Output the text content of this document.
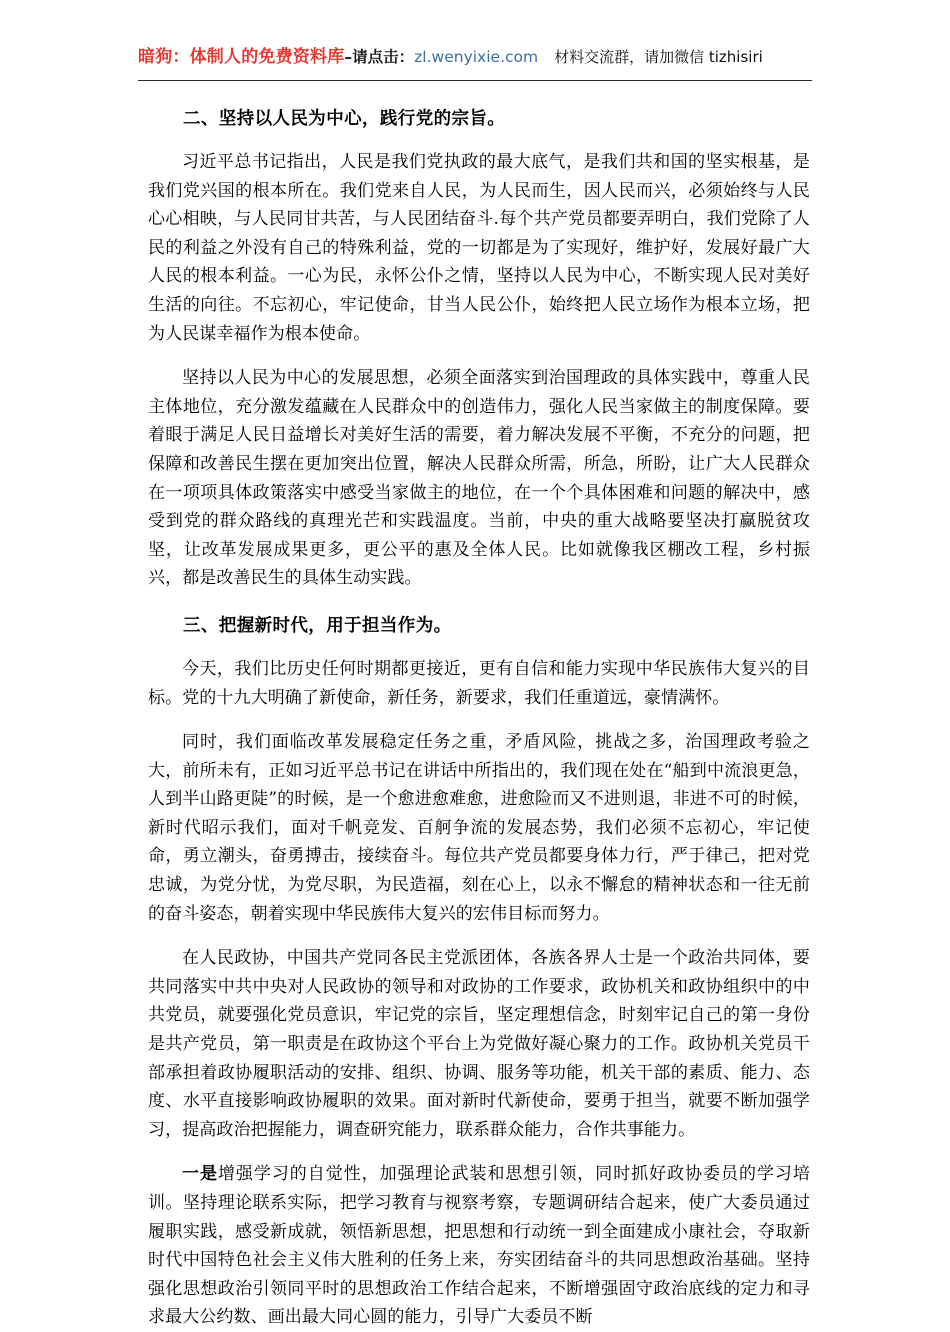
暗狗：体制人的免费资料库–请点击：zl.wenyixie.com 材料交流群，请加微信 tizhisiri
二、坚持以人民为中心，践行党的宗旨。

习近平总书记指出，人民是我们党执政的最大底气，是我们共和国的坚实根基，是我们党兴国的根本所在。我们党来自人民，为人民而生，因人民而兴，必须始终与人民心心相映，与人民同甘共苦，与人民团结奋斗.每个共产党员都要弄明白，我们党除了人民的利益之外没有自己的特殊利益，党的一切都是为了实现好，维护好，发展好最广大人民的根本利益。一心为民，永怀公仆之情，坚持以人民为中心，不断实现人民对美好生活的向往。不忘初心，牢记使命，甘当人民公仆，始终把人民立场作为根本立场，把为人民谋幸福作为根本使命。

坚持以人民为中心的发展思想，必须全面落实到治国理政的具体实践中，尊重人民主体地位，充分激发蕴藏在人民群众中的创造伟力，强化人民当家做主的制度保障。要着眼于满足人民日益增长对美好生活的需要，着力解决发展不平衡，不充分的问题，把保障和改善民生摆在更加突出位置，解决人民群众所需，所急，所盼，让广大人民群众在一项项具体政策落实中感受当家做主的地位，在一个个具体困难和问题的解决中，感受到党的群众路线的真理光芒和实践温度。当前，中央的重大战略要坚决打赢脱贫攻坚，让改革发展成果更多，更公平的惠及全体人民。比如就像我区棚改工程，乡村振兴，都是改善民生的具体生动实践。

三、把握新时代，用于担当作为。

今天，我们比历史任何时期都更接近，更有自信和能力实现中华民族伟大复兴的目标。党的十九大明确了新使命，新任务，新要求，我们任重道远，豪情满怀。

同时，我们面临改革发展稳定任务之重，矛盾风险，挑战之多，治国理政考验之大，前所未有，正如习近平总书记在讲话中所指出的，我们现在处在“船到中流浪更急，人到半山路更陡”的时候，是一个愈进愈难愈，进愈险而又不进则退，非进不可的时候，新时代昭示我们，面对千帆竞发、百舸争流的发展态势，我们必须不忘初心，牢记使命，勇立潮头，奋勇搏击，接续奋斗。每位共产党员都要身体力行，严于律己，把对党忠诚，为党分忧，为党尽职，为民造福，刻在心上，以永不懈怠的精神状态和一往无前的奋斗姿态，朝着实现中华民族伟大复兴的宏伟目标而努力。

在人民政协，中国共产党同各民主党派团体，各族各界人士是一个政治共同体，要共同落实中共中央对人民政协的领导和对政协的工作要求，政协机关和政协组织中的中共党员，就要强化党员意识，牢记党的宗旨，坚定理想信念，时刻牢记自己的第一身份是共产党员，第一职责是在政协这个平台上为党做好凝心聚力的工作。政协机关党员干部承担着政协履职活动的安排、组织、协调、服务等功能，机关干部的素质、能力、态度、水平直接影响政协履职的效果。面对新时代新使命，要勇于担当，就要不断加强学习，提高政治把握能力，调查研究能力，联系群众能力，合作共事能力。

一是增强学习的自觉性，加强理论武装和思想引领，同时抓好政协委员的学习培训。坚持理论联系实际，把学习教育与视察考察，专题调研结合起来，使广大委员通过履职实践，感受新成就，领悟新思想，把思想和行动统一到全面建成小康社会，夺取新时代中国特色社会主义伟大胜利的任务上来，夯实团结奋斗的共同思想政治基础。坚持强化思想政治引领同平时的思想政治工作结合起来，不断增强固守政治底线的定力和寻求最大公约数、画出最大同心圆的能力，引导广大委员不断
